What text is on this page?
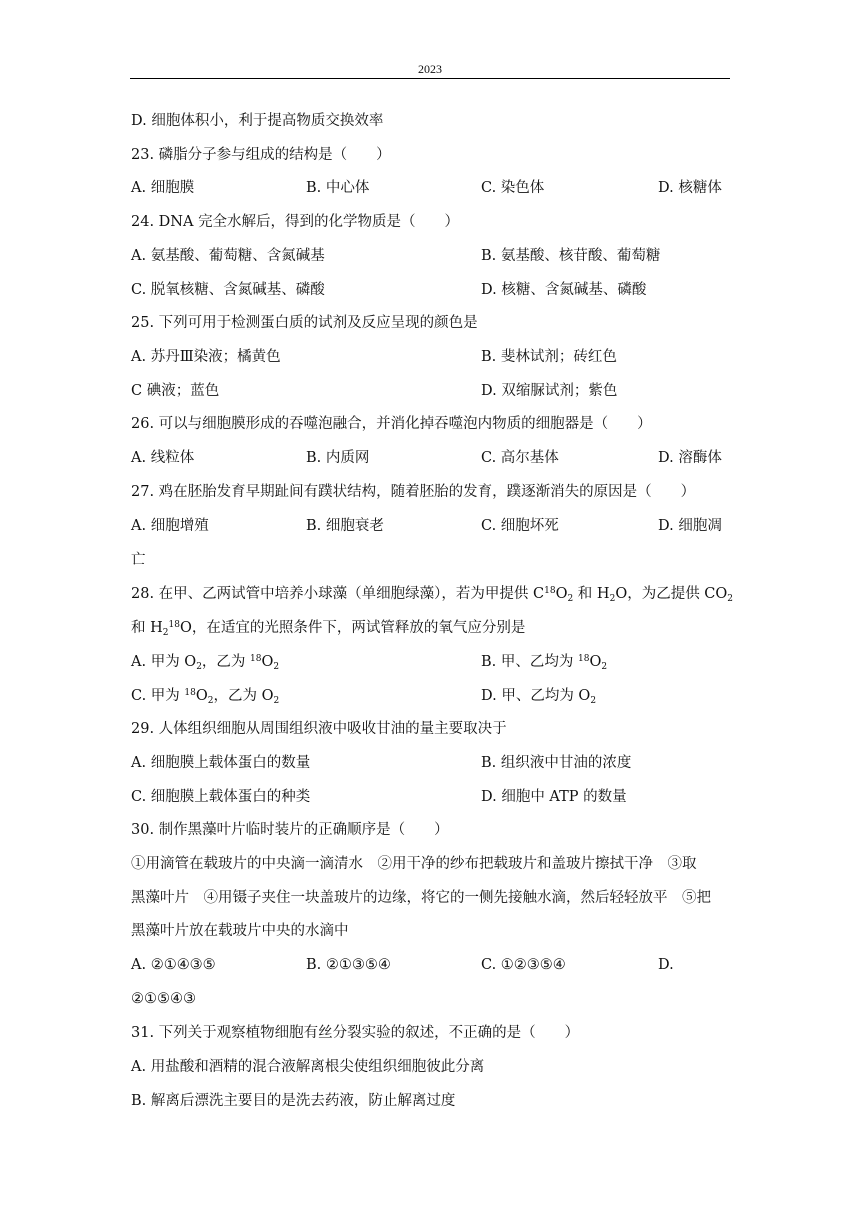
2023
D. 细胞体积小，利于提高物质交换效率
23. 磷脂分子参与组成的结构是（　　）
A. 细胞膜	B. 中心体	C. 染色体	D. 核糖体
24. DNA 完全水解后，得到的化学物质是（　　）
A. 氨基酸、葡萄糖、含氮碱基	B. 氨基酸、核苷酸、葡萄糖
C. 脱氧核糖、含氮碱基、磷酸	D. 核糖、含氮碱基、磷酸
25. 下列可用于检测蛋白质的试剂及反应呈现的颜色是
A. 苏丹Ⅲ染液；橘黄色	B. 斐林试剂；砖红色
C 碘液；蓝色	D. 双缩脲试剂；紫色
26. 可以与细胞膜形成的吞噬泡融合，并消化掉吞噬泡内物质的细胞器是（　　）
A. 线粒体	B. 内质网	C. 高尔基体	D. 溶酶体
27. 鸡在胚胎发育早期趾间有蹼状结构，随着胚胎的发育，蹼逐渐消失的原因是（　　）
A. 细胞增殖	B. 细胞衰老	C. 细胞坏死	D. 细胞凋
亡
28. 在甲、乙两试管中培养小球藻（单细胞绿藻），若为甲提供 $C^{18}O_2$ 和 $H_2O$，为乙提供 $CO_2$
和 $H_2^{18}O$，在适宜的光照条件下，两试管释放的氧气应分别是
A. 甲为 $O_2$，乙为 $^{18}O_2$	B. 甲、乙均为 $^{18}O_2$
C. 甲为 $^{18}O_2$，乙为 $O_2$	D. 甲、乙均为 $O_2$
29. 人体组织细胞从周围组织液中吸收甘油的量主要取决于
A. 细胞膜上载体蛋白的数量	B. 组织液中甘油的浓度
C. 细胞膜上载体蛋白的种类	D. 细胞中 ATP 的数量
30. 制作黑藻叶片临时装片的正确顺序是（　　）
①用滴管在载玻片的中央滴一滴清水　②用干净的纱布把载玻片和盖玻片擦拭干净　③取
黑藻叶片　④用镊子夹住一块盖玻片的边缘，将它的一侧先接触水滴，然后轻轻放平　⑤把
黑藻叶片放在载玻片中央的水滴中
A. ②①④③⑤	B. ②①③⑤④	C. ①②③⑤④	D.
②①⑤④③
31. 下列关于观察植物细胞有丝分裂实验的叙述，不正确的是（　　）
A. 用盐酸和酒精的混合液解离根尖使组织细胞彼此分离
B. 解离后漂洗主要目的是洗去药液，防止解离过度
